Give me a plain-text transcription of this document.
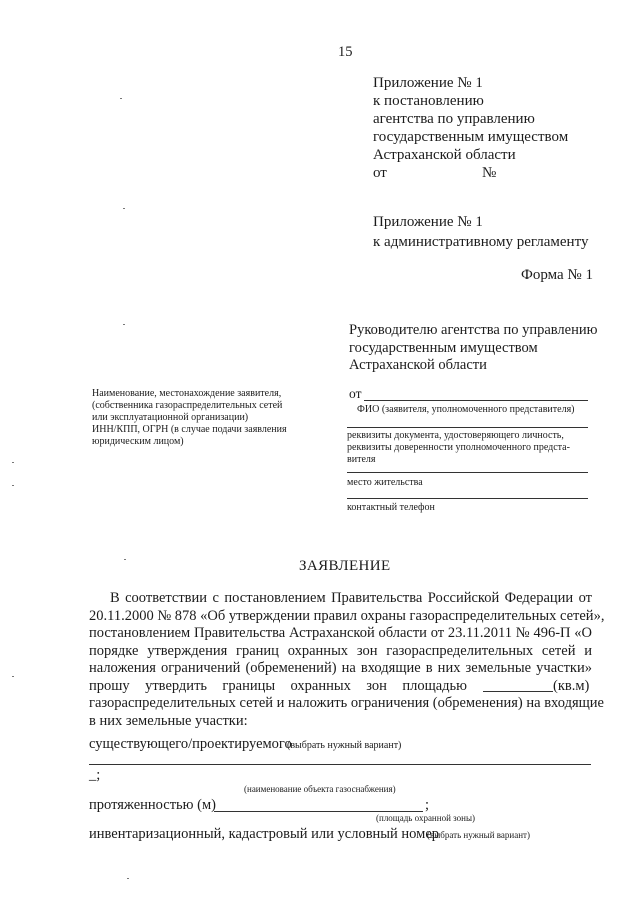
15
Приложение № 1
к постановлению
агентства по управлению
государственным имуществом
Астраханской области
от	№
Приложение № 1
к административному регламенту
Форма № 1
Руководителю агентства по управлению
государственным имуществом
Астраханской области
Наименование, местонахождение заявителя,
(собственника газораспределительных сетей
или эксплуатационной организации)
ИНН/КПП, ОГРН (в случае подачи заявления
юридическим лицом)
от
ФИО (заявителя, уполномоченного представителя)
реквизиты документа, удостоверяющего личность,
реквизиты доверенности уполномоченного предста-
вителя
место жительства
контактный телефон
ЗАЯВЛЕНИЕ
В соответствии с постановлением Правительства Российской Федерации от
20.11.2000 № 878 «Об утверждении правил охраны газораспределительных сетей»,
постановлением Правительства Астраханской области от 23.11.2011 № 496-П «О
порядке утверждения границ охранных зон газораспределительных сетей и
наложения ограничений (обременений) на входящие в них земельные участки»
прошу утвердить границы охранных зон площадью	(кв.м)
газораспределительных сетей и наложить ограничения (обременения) на входящие
в них земельные участки:
существующего/проектируемого
(выбрать нужный вариант)
_;
(наименование объекта газоснабжения)
протяженностью (м)	;
(площадь охранной зоны)
инвентаризационный, кадастровый или условный номер
(выбрать нужный вариант)
